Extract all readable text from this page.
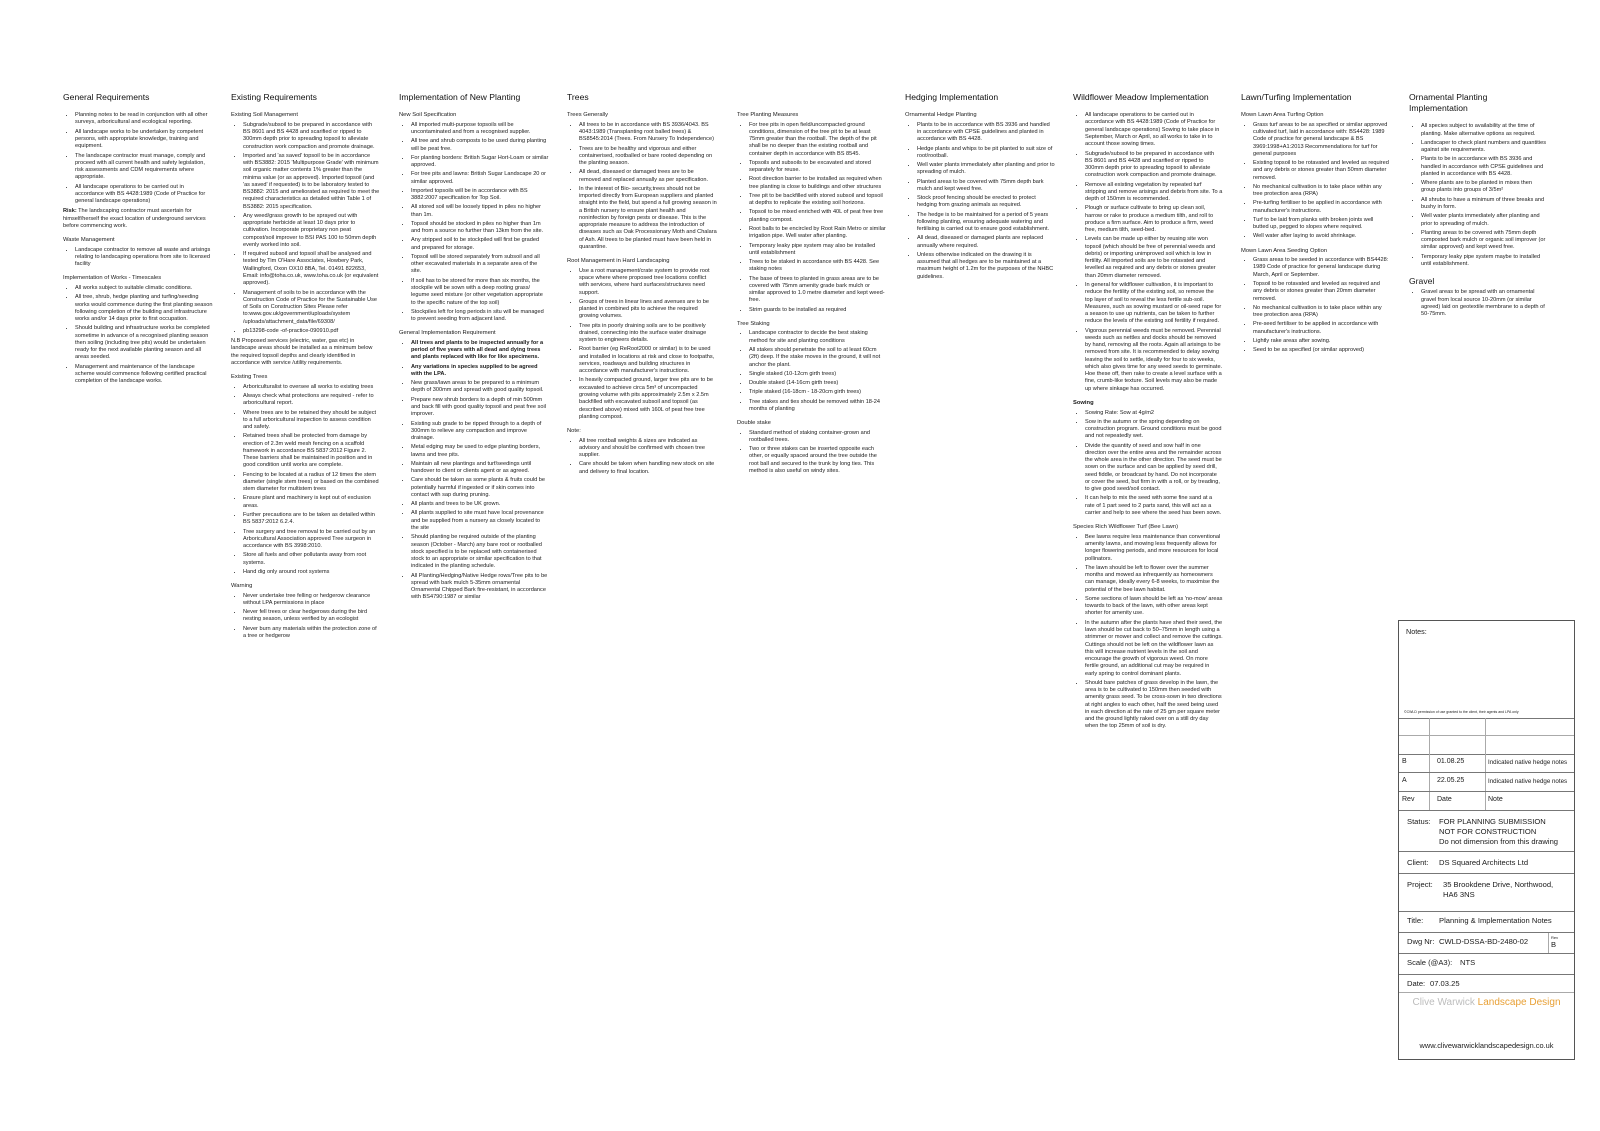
General Requirements
• Planning notes to be read in conjunction with all other surveys, arboricultural and ecological reporting.
• All landscape works to be undertaken by competent persons, with appropriate knowledge, training and equipment.
• The landscape contractor must manage, comply and proceed with all current health and safety legislation, risk assessments and CDM requirements where appropriate.
• All landscape operations to be carried out in accordance with BS 4428:1989 (Code of Practice for general landscape operations)

Risk: The landscaping contractor must ascertain for himself/herself the exact location of underground services before commencing work.

Waste Management
• Landscape contractor to remove all waste and arisings relating to landscaping operations from site to licensed facility
Implementation of Works - Timescales
• All works subject to suitable climatic conditions.
• All tree, shrub, hedge planting and turfing/seeding works would commence during the first planting season following completion of the building and infrastructure works and/or 14 days prior to first occupation.
• Should building and infrastructure works be completed sometime in advance of a recognised planting season then soiling (including tree pits) would be undertaken ready for the next available planting season and all areas seeded.
• Management and maintenance of the landscape scheme would commence following certified practical completion of the landscape works.
Existing Requirements
Existing Soil Management
• Subgrade/subsoil to be prepared in accordance with BS 8601 and BS 4428 and scarified or ripped to 300mm depth prior to spreading topsoil to alleviate construction work compaction and promote drainage.
• Imported and 'as saved' topsoil to be in accordance with BS3882: 2015 'Multipurpose Grade' with minimum soil organic matter contents 1% greater than the minima value (or as approved). Imported topsoil (and 'as saved' if requested) is to be laboratory tested to BS3882: 2015 and ameliorated as required to meet the required characteristics as detailed within Table 1 of BS3882: 2015 specification.
• Any weed/grass growth to be sprayed out with appropriate herbicide at least 10 days prior to cultivation. Incorporate proprietary non peat compost/soil improver to BSI PAS 100 to 50mm depth evenly worked into soil.
• If required subsoil and topsoil shall be analysed and tested by Tim O'Hare Associates, Howbery Park, Wallingford, Oxon OX10 8BA, Tel. 01491 822653, Email: info@toha.co.uk, www.toha.co.uk (or equivalent approved).
• Management of soils to be in accordance with the Construction Code of Practice for the Sustainable Use of Soils on Construction Sites Please refer to:www.gov.uk/government/uploads/system /uploads/attachment_data/file/69308/
• pb13298-code -of-practice-090910.pdf

N.B Proposed services (electric, water, gas etc) in landscape areas should be installed as a minimum below the required topsoil depths and clearly identified in accordance with service /utility requirements.

Existing Trees
• Arboriculturalist to oversee all works to existing trees
• Always check what protections are required - refer to arboricultural report.
• Where trees are to be retained they should be subject to a full arboricultural inspection to assess condition and safety.
• Retained trees shall be protected from damage by erection of 2.3m weld mesh fencing on a scaffold framework in accordance BS 5837:2012 Figure 2. These barriers shall be maintained in position and in good condition until works are complete.
• Fencing to be located at a radius of 12 times the stem diameter (single stem trees) or based on the combined stem diameter for multistem trees
• Ensure plant and machinery is kept out of exclusion areas.
• Further precautions are to be taken as detailed within BS 5837:2012 6.2.4.
• Tree surgery and tree removal to be carried out by an Arboricultural Association approved Tree surgeon in accordance with BS 3998:2010.
• Store all fuels and other pollutants away from root systems.
• Hand dig only around root systems
Warning
• Never undertake tree felling or hedgerow clearance without LPA permissions in place
• Never fell trees or clear hedgerows during the bird nesting season, unless verified by an ecologist
• Never burn any materials within the protection zone of a tree or hedgerow
Implementation of New Planting
New Soil Specification
• All imported multi-purpose topsoils will be uncontaminated and from a recognised supplier.
• All tree and shrub composts to be used during planting will be peat free.
• For planting borders: British Sugar Hort-Loam or similar approved.
• For tree pits and lawns: British Sugar Landscape 20 or similar approved.
• Imported topsoils will be in accordance with BS 3882:2007 specification for Top Soil.
• All stored soil will be loosely tipped in piles no higher than 1m.
• Topsoil should be stocked in piles no higher than 1m and from a source no further than 13km from the site.
• Any stripped soil to be stockpiled will first be graded and prepared for storage.
• Topsoil will be stored separately from subsoil and all other excavated materials in a separate area of the site.
• If soil has to be stored for more than six months, the stockpile will be sown with a deep rooting grass/ legume seed mixture (or other vegetation appropriate to the specific nature of the top soil)
• Stockpiles left for long periods in situ will be managed to prevent seeding from adjacent land.
General Implementation Requirement
• All trees and plants to be inspected annually for a period of five years with all dead and dying trees and plants replaced with like for like specimens.
• Any variations in species supplied to be agreed with the LPA.
• New grass/lawn areas to be prepared to a minimum depth of 300mm and spread with good quality topsoil.
• Prepare new shrub borders to a depth of min 500mm and back fill with good quality topsoil and peat free soil improver.
• Existing sub grade to be ripped through to a depth of 300mm to relieve any compaction and improve drainage.
• Metal edging may be used to edge planting borders, lawns and tree pits.
• Maintain all new plantings and turf/seedings until handover to client or clients agent or as agreed.
• Care should be taken as some plants & fruits could be potentially harmful if ingested or if skin comes into contact with sap during pruning.
• All plants and trees to be UK grown.
• All plants supplied to site must have local provenance and be supplied from a nursery as closely located to the site
• Should planting be required outside of the planting season (October - March) any bare root or rootballed stock specified is to be replaced with containerised stock to an appropriate or similar specification to that indicated in the planting schedule.
• All Planting/Hedging/Native Hedge rows/Tree pits to be spread with bark mulch 5-35mm ornamental Ornamental Chipped Bark fire-resistant, in accordance with BS4790:1987 or similar
Trees
Trees Generally
• All trees to be in accordance with BS 3936/4043. BS 4043:1989 (Transplanting root balled trees) & BS8545:2014 (Trees. From Nursery To Independence)
• Trees are to be healthy and vigorous and either containerised, rootballed or bare rooted depending on the planting season.
• All dead, diseased or damaged trees are to be removed and replaced annually as per specification.
• In the interest of Bio- security,trees should not be imported directly from European suppliers and planted straight into the field, but spend a full growing season in a British nursery to ensure plant health and noninfection by foreign pests or disease. This is the appropriate measure to address the introduction of diseases such as Oak Processionary Moth and Chalara of Ash. All trees to be planted must have been held in quarantine.
Root Management in Hard Landscaping
• Use a root management/crate system to provide root space where where proposed tree locations conflict with services, where hard surfaces/structures need support.
• Groups of trees in linear lines and avenues are to be planted in combined pits to achieve the required growing volumes.
• Tree pits in poorly draining soils are to be positively drained, connecting into the surface water drainage system to engineers details.
• Root barrier (eg ReRoot2000 or similar) is to be used and installed in locations at risk and close to footpaths, services, roadways and building structures in accordance with manufacturer's instructions.
• In heavily compacted ground, larger tree pits are to be excavated to achieve circa 5m³ of uncompacted growing volume with pits approximately 2.5m x 2.5m backfilled with excavated subsoil and topsoil (as described above) mixed with 160L of peat free tree planting compost.
Note:
• All tree rootball weights & sizes are indicated as advisory and should be confirmed with chosen tree supplier.
• Care should be taken when handling new stock on site and delivery to final location.
Tree Planting Measures
• For tree pits in open field/uncompacted ground conditions, dimension of the tree pit to be at least 75mm greater than the rootball. The depth of the pit shall be no deeper than the existing rootball and container depth in accordance with BS 8545.
• Topsoils and subsoils to be excavated and stored separately for reuse.
• Root direction barrier to be installed as required when tree planting is close to buildings and other structures
• Tree pit to be backfilled with stored subsoil and topsoil at depths to replicate the existing soil horizons.
• Topsoil to be mixed enriched with 40L of peat free tree planting compost.
• Root balls to be encircled by Root Rain Metro or similar irrigation pipe. Well water after planting.
• Temporary leaky pipe system may also be installed until establishment
• Trees to be staked in accordance with BS 4428. See staking notes
• The base of trees to planted in grass areas are to be covered with 75mm amenity grade bark mulch or similar approved to 1.0 metre diameter and kept weed-free.
• Strim guards to be installed as required
Tree Staking
• Landscape contractor to decide the best staking method for site and planting conditions
• All stakes should penetrate the soil to at least 60cm (2ft) deep. If the stake moves in the ground, it will not anchor the plant.
• Single staked (10-12cm girth trees)
• Double staked (14-16cm girth trees)
• Triple staked (16-18cm - 18-20cm girth trees)
• Tree stakes and ties should be removed within 18-24 months of planting
Double stake
• Standard method of staking container-grown and rootballed trees.
• Two or three stakes can be inserted opposite each other, or equally spaced around the tree outside the root ball and secured to the trunk by long ties. This method is also useful on windy sites.
Hedging Implementation
Ornamental Hedge Planting
• Plants to be in accordance with BS 3936 and handled in accordance with CPSE guidelines and planted in accordance with BS 4428.
• Hedge plants and whips to be pit planted to suit size of root/rootball.
• Well water plants immediately after planting and prior to spreading of mulch.
• Planted areas to be covered with 75mm depth bark mulch and kept weed free.
• Stock proof fencing should be erected to protect hedging from grazing animals as required.
• The hedge is to be maintained for a period of 5 years following planting, ensuring adequate watering and fertilising is carried out to ensure good establishment.
• All dead, diseased or damaged plants are replaced annually where required.
• Unless otherwise indicated on the drawing it is assumed that all hedges are to be maintained at a maximum height of 1.2m for the purposes of the NHBC guidelines.
Wildflower Meadow Implementation
• All landscape operations to be carried out in accordance with BS 4428:1989 (Code of Practice for general landscape operations) Sowing to take place in September, March or April, so all works to take in to account those sowing times.
• Subgrade/subsoil to be prepared in accordance with BS 8601 and BS 4428 and scarified or ripped to 300mm depth prior to spreading topsoil to alleviate construction work compaction and promote drainage.
• Remove all existing vegetation by repeated turf stripping and remove arisings and debris from site. To a depth of 150mm is recommended.
• Plough or surface cultivate to bring up clean soil, harrow or rake to produce a medium tilth, and roll to produce a firm surface. Aim to produce a firm, weed free, medium tilth, seed-bed.
• Levels can be made up either by reusing site won topsoil (which should be free of perennial weeds and debris) or importing unimproved soil which is low in fertility. All imported soils are to be rotavated and levelled as required and any debris or stones greater than 20mm diameter removed.
• In general for wildflower cultivation, it is important to reduce the fertility of the existing soil, so remove the top layer of soil to reveal the less fertile sub-soil. Measures, such as sowing mustard or oil-seed rape for a season to use up nutrients, can be taken to further reduce the levels of the existing soil fertility if required.
• Vigorous perennial weeds must be removed. Perennial weeds such as nettles and docks should be removed by hand, removing all the roots. Again all arisings to be removed from site. It is recommended to delay sowing leaving the soil to settle, ideally for four to six weeks, which also gives time for any weed seeds to germinate. Hoe these off, then rake to create a level surface with a fine, crumb-like texture. Soil levels may also be made up where sinkage has occurred.
Sowing
• Sowing Rate: Sow at 4g/m2
• Sow in the autumn or the spring depending on construction program. Ground conditions must be good and not repeatedly wet.
• Divide the quantity of seed and sow half in one direction over the entire area and the remainder across the whole area in the other direction. The seed must be sown on the surface and can be applied by seed drill, seed fiddle, or broadcast by hand. Do not incorporate or cover the seed, but firm in with a roll, or by treading, to give good seed/soil contact.
• It can help to mix the seed with some fine sand at a rate of 1 part seed to 2 parts sand, this will act as a carrier and help to see where the seed has been sown.
Species Rich Wildflower Turf (Bee Lawn)
• Bee lawns require less maintenance than conventional amenity lawns, and mowing less frequently allows for longer flowering periods, and more resources for local pollinators.
• The lawn should be left to flower over the summer months and mowed as infrequently as homeowners can manage, ideally every 6-8 weeks, to maximise the potential of the bee lawn habitat.
• Some sections of lawn should be left as 'no-mow' areas towards to back of the lawn, with other areas kept shorter for amenity use.
• In the autumn after the plants have shed their seed, the lawn should be cut back to 50–75mm in length using a strimmer or mower and collect and remove the cuttings. Cuttings should not be left on the wildflower lawn as this will increase nutrient levels in the soil and encourage the growth of vigorous weed. On more fertile ground, an additional cut may be required in early spring to control dominant plants.
• Should bare patches of grass develop in the lawn, the area is to be cultivated to 150mm then seeded with amenity grass seed. To be cross-sown in two directions at right angles to each other, half the seed being used in each direction at the rate of 25 gm per square meter and the ground lightly raked over on a still dry day when the top 25mm of soil is dry.
Lawn/Turfing Implementation
Mown Lawn Area Turfing Option
• Grass turf areas to be as specified or similar approved cultivated turf, laid in accordance with: BS4428: 1989 Code of practice for general landscape & BS 3969:1998+A1:2013 Recommendations for turf for general purposes
• Existing topsoil to be rotavated and leveled as required and any debris or stones greater than 50mm diameter removed.
• No mechanical cultivation is to take place within any tree protection area (RPA)
• Pre-turfing fertiliser to be applied in accordance with manufacturer's instructions.
• Turf to be laid from planks with broken joints well butted up, pegged to slopes where required.
• Well water after laying to avoid shrinkage.
Mown Lawn Area Seeding Option
• Grass areas to be seeded in accordance with BS4428: 1989 Code of practice for general landscape during March, April or September.
• Topsoil to be rotavated and leveled as required and any debris or stones greater than 20mm diameter removed.
• No mechanical cultivation is to take place within any tree protection area (RPA)
• Pre-seed fertiliser to be applied in accordance with manufacturer's instructions.
• Lightly rake areas after sowing.
• Seed to be as specified (or similar approved)
Ornamental Planting Implementation
• All species subject to availability at the time of planting. Make alternative options as required.
• Landscaper to check plant numbers and quantities against site requirements.
• Plants to be in accordance with BS 3936 and handled in accordance with CPSE guidelines and planted in accordance with BS 4428.
• Where plants are to be planted in mixes then group plants into groups of 3/5m²
• All shrubs to have a minimum of three breaks and bushy in form.
• Well water plants immediately after planting and prior to spreading of mulch.
• Planting areas to be covered with 75mm depth composted bark mulch or organic soil improver (or similar approved) and kept weed free.
• Temporary leaky pipe system maybe to installed until establishment.
Gravel
• Gravel areas to be spread with an ornamental gravel from local source 10-20mm (or similar agreed) laid on geotextile membrane to a depth of 50-75mm.
Notes:
©CWLD permission of use granted to the client, their agents and LPA only
B	01.08.25	Indicated native hedge notes
A	22.05.25	Indicated native hedge notes
Rev	Date	Note
Status: FOR PLANNING SUBMISSION
NOT FOR CONSTRUCTION
Do not dimension from this drawing
Client: DS Squared Architects Ltd
Project: 35 Brookdene Drive, Northwood,
HA6 3NS
Title: Planning & Implementation Notes
Dwg Nr: CWLD-DSSA-BD-2480-02	Rev
B
Scale (@A3): NTS
Date: 07.03.25
Clive Warwick Landscape Design
www.clivewarwicklandscapedesign.co.uk
